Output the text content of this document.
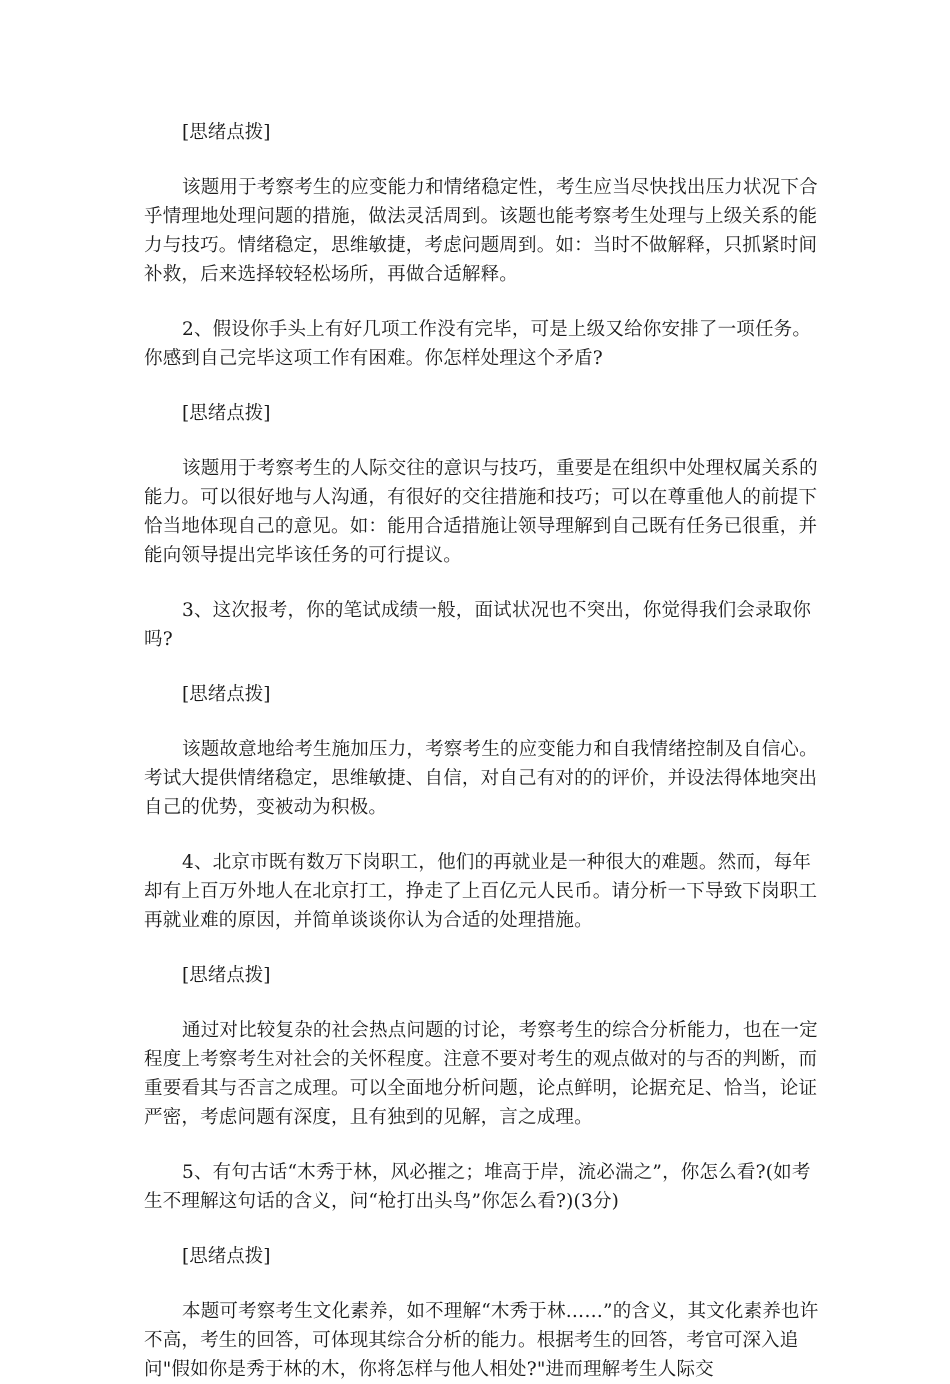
[思绪点拨]

该题用于考察考生的应变能力和情绪稳定性，考生应当尽快找出压力状况下合乎情理地处理问题的措施，做法灵活周到。该题也能考察考生处理与上级关系的能力与技巧。情绪稳定，思维敏捷，考虑问题周到。如：当时不做解释，只抓紧时间补救，后来选择较轻松场所，再做合适解释。

2、假设你手头上有好几项工作没有完毕，可是上级又给你安排了一项任务。你感到自己完毕这项工作有困难。你怎样处理这个矛盾?

[思绪点拨]

该题用于考察考生的人际交往的意识与技巧，重要是在组织中处理权属关系的能力。可以很好地与人沟通，有很好的交往措施和技巧；可以在尊重他人的前提下恰当地体现自己的意见。如：能用合适措施让领导理解到自己既有任务已很重，并能向领导提出完毕该任务的可行提议。

3、这次报考，你的笔试成绩一般，面试状况也不突出，你觉得我们会录取你吗?

[思绪点拨]

该题故意地给考生施加压力，考察考生的应变能力和自我情绪控制及自信心。考试大提供情绪稳定，思维敏捷、自信，对自己有对的的评价，并设法得体地突出自己的优势，变被动为积极。

4、北京市既有数万下岗职工，他们的再就业是一种很大的难题。然而，每年却有上百万外地人在北京打工，挣走了上百亿元人民币。请分析一下导致下岗职工再就业难的原因，并简单谈谈你认为合适的处理措施。

[思绪点拨]

通过对比较复杂的社会热点问题的讨论，考察考生的综合分析能力，也在一定程度上考察考生对社会的关怀程度。注意不要对考生的观点做对的与否的判断，而重要看其与否言之成理。可以全面地分析问题，论点鲜明，论据充足、恰当，论证严密，考虑问题有深度，且有独到的见解，言之成理。

5、有句古话“木秀于林，风必摧之；堆高于岸，流必湍之”，你怎么看?(如考生不理解这句话的含义，问“枪打出头鸟”你怎么看?)(3分)

[思绪点拨]

本题可考察考生文化素养，如不理解“木秀于林……”的含义，其文化素养也许不高，考生的回答，可体现其综合分析的能力。根据考生的回答，考官可深入追问"假如你是秀于林的木，你将怎样与他人相处?"进而理解考生人际交
